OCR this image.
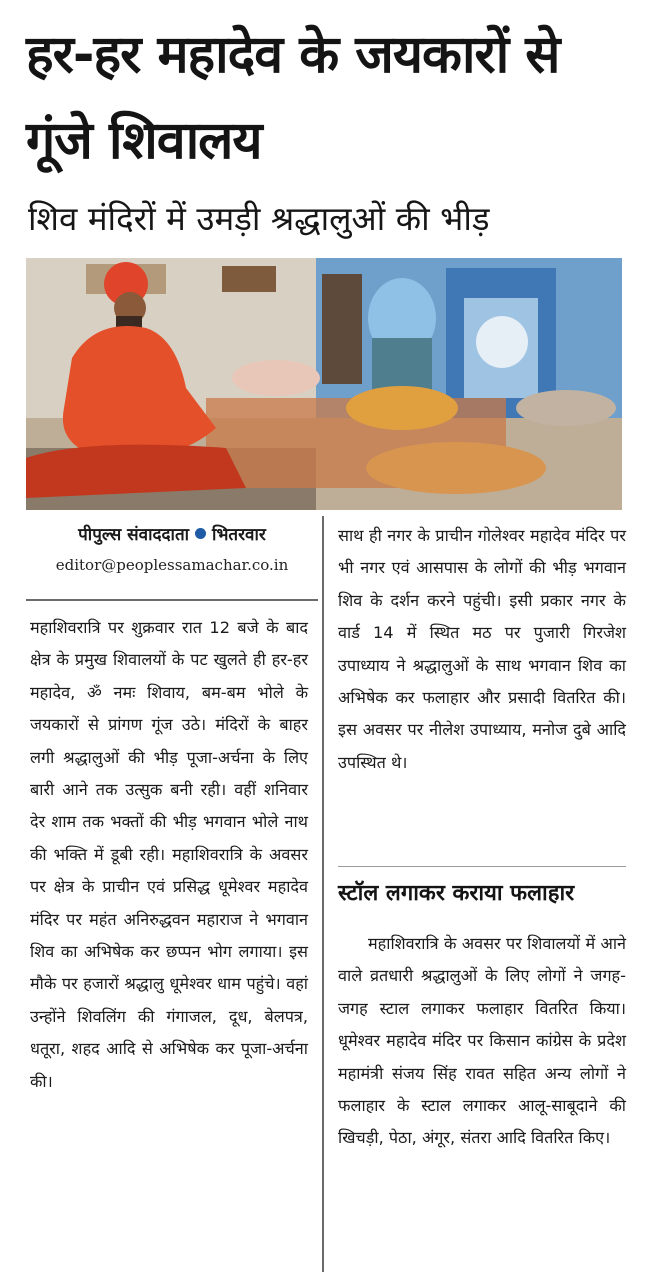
हर-हर महादेव के जयकारों से गूंजे शिवालय
शिव मंदिरों में उमड़ी श्रद्धालुओं की भीड़
पीपुल्स संवाददाता भितरवार
editor@peoplessamachar.co.in
महाशिवरात्रि पर शुक्रवार रात 12 बजे के बाद क्षेत्र के प्रमुख शिवालयों के पट खुलते ही हर-हर महादेव, ॐ नमः शिवाय, बम-बम भोले के जयकारों से प्रांगण गूंज उठे। मंदिरों के बाहर लगी श्रद्धालुओं की भीड़ पूजा-अर्चना के लिए बारी आने तक उत्सुक बनी रही। वहीं शनिवार देर शाम तक भक्तों की भीड़ भगवान भोले नाथ की भक्ति में डूबी रही। महाशिवरात्रि के अवसर पर क्षेत्र के प्राचीन एवं प्रसिद्ध धूमेश्वर महादेव मंदिर पर महंत अनिरुद्धवन महाराज ने भगवान शिव का अभिषेक कर छप्पन भोग लगाया। इस मौके पर हजारों श्रद्धालु धूमेश्वर धाम पहुंचे। वहां उन्होंने शिवलिंग की गंगाजल, दूध, बेलपत्र, धतूरा, शहद आदि से अभिषेक कर पूजा-अर्चना की।
साथ ही नगर के प्राचीन गोलेश्वर महादेव मंदिर पर भी नगर एवं आसपास के लोगों की भीड़ भगवान शिव के दर्शन करने पहुंची। इसी प्रकार नगर के वार्ड 14 में स्थित मठ पर पुजारी गिरजेश उपाध्याय ने श्रद्धालुओं के साथ भगवान शिव का अभिषेक कर फलाहार और प्रसादी वितरित की। इस अवसर पर नीलेश उपाध्याय, मनोज दुबे आदि उपस्थित थे।
स्टॉल लगाकर कराया फलाहार
महाशिवरात्रि के अवसर पर शिवालयों में आने वाले व्रतधारी श्रद्धालुओं के लिए लोगों ने जगह-जगह स्टाल लगाकर फलाहार वितरित किया। धूमेश्वर महादेव मंदिर पर किसान कांग्रेस के प्रदेश महामंत्री संजय सिंह रावत सहित अन्य लोगों ने फलाहार के स्टाल लगाकर आलू-साबूदाने की खिचड़ी, पेठा, अंगूर, संतरा आदि वितरित किए।
